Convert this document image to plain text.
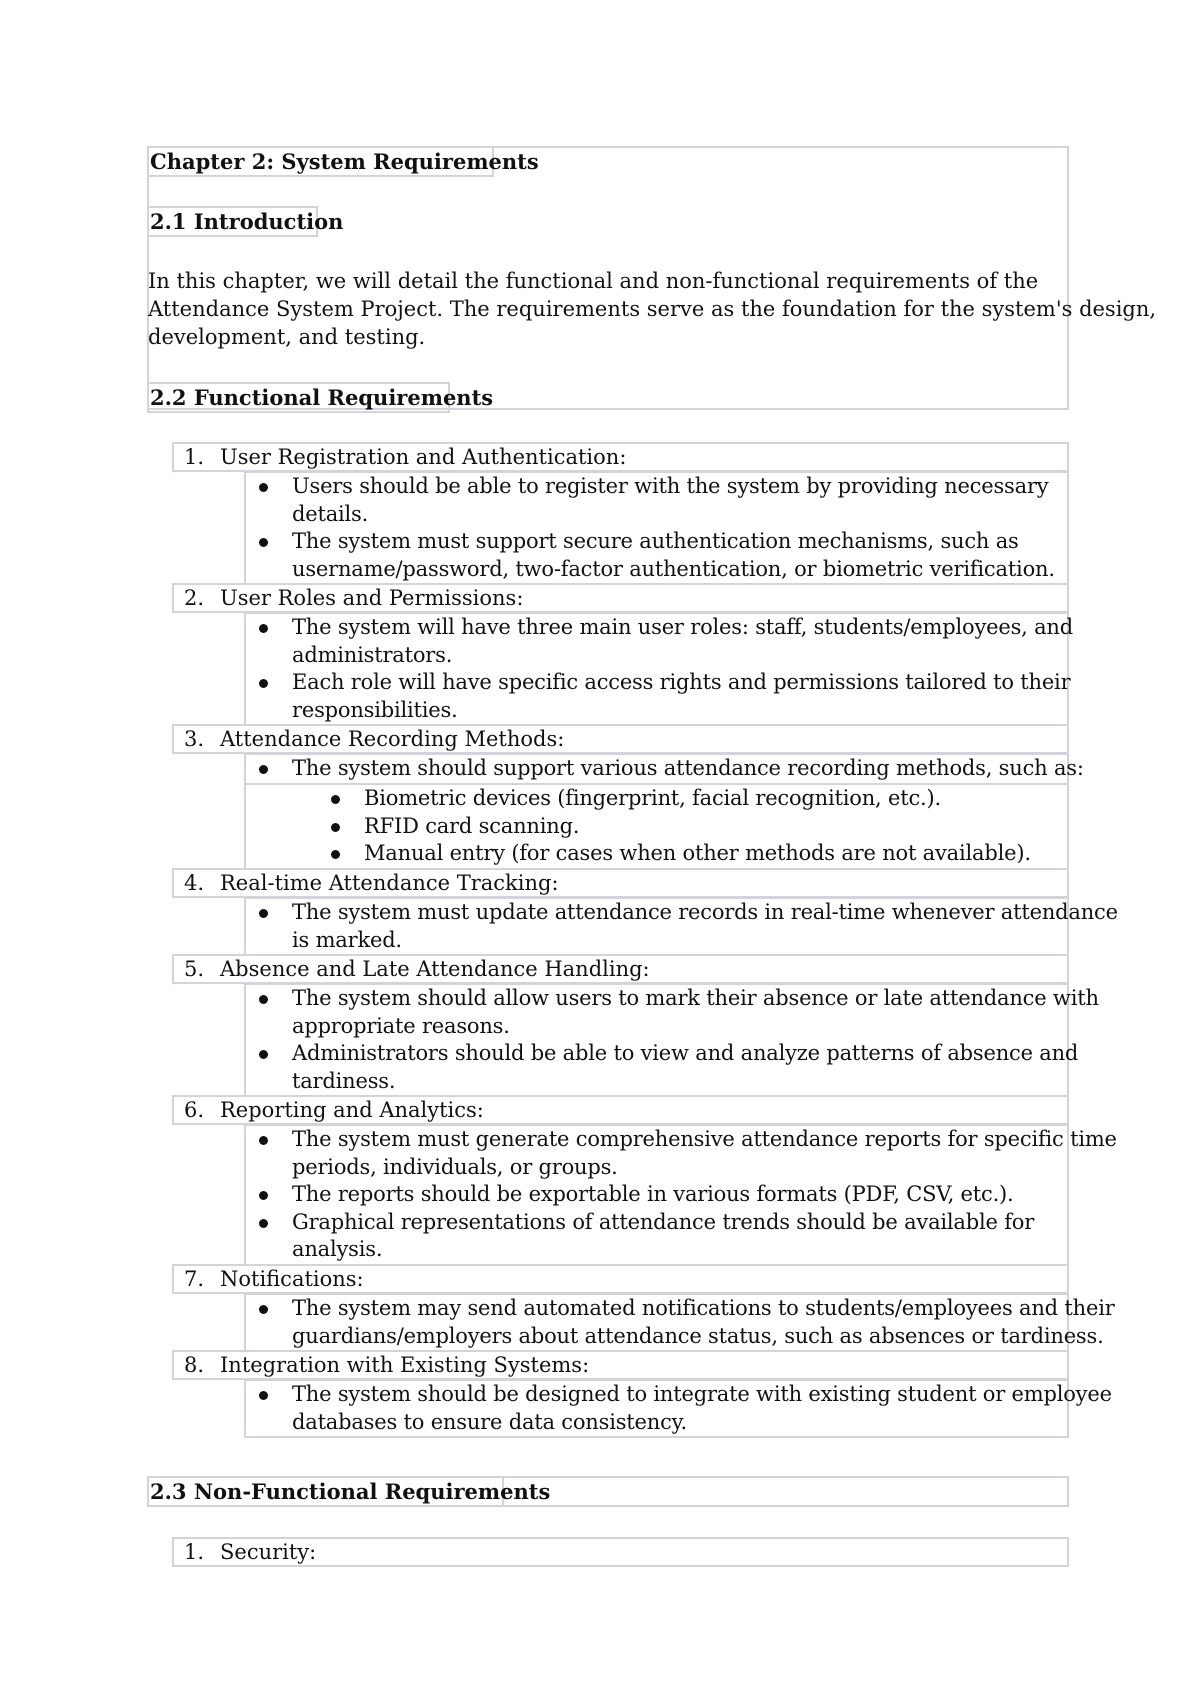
Chapter 2: System Requirements
2.1 Introduction
In this chapter, we will detail the functional and non-functional requirements of the
Attendance System Project. The requirements serve as the foundation for the system's design,
development, and testing.
2.2 Functional Requirements
1. User Registration and Authentication:
Users should be able to register with the system by providing necessary
details.
The system must support secure authentication mechanisms, such as
username/password, two-factor authentication, or biometric verification.
2. User Roles and Permissions:
The system will have three main user roles: staff, students/employees, and
administrators.
Each role will have specific access rights and permissions tailored to their
responsibilities.
3. Attendance Recording Methods:
The system should support various attendance recording methods, such as:
Biometric devices (fingerprint, facial recognition, etc.).
RFID card scanning.
Manual entry (for cases when other methods are not available).
4. Real-time Attendance Tracking:
The system must update attendance records in real-time whenever attendance
is marked.
5. Absence and Late Attendance Handling:
The system should allow users to mark their absence or late attendance with
appropriate reasons.
Administrators should be able to view and analyze patterns of absence and
tardiness.
6. Reporting and Analytics:
The system must generate comprehensive attendance reports for specific time
periods, individuals, or groups.
The reports should be exportable in various formats (PDF, CSV, etc.).
Graphical representations of attendance trends should be available for
analysis.
7. Notifications:
The system may send automated notifications to students/employees and their
guardians/employers about attendance status, such as absences or tardiness.
8. Integration with Existing Systems:
The system should be designed to integrate with existing student or employee
databases to ensure data consistency.
2.3 Non-Functional Requirements
1. Security:
